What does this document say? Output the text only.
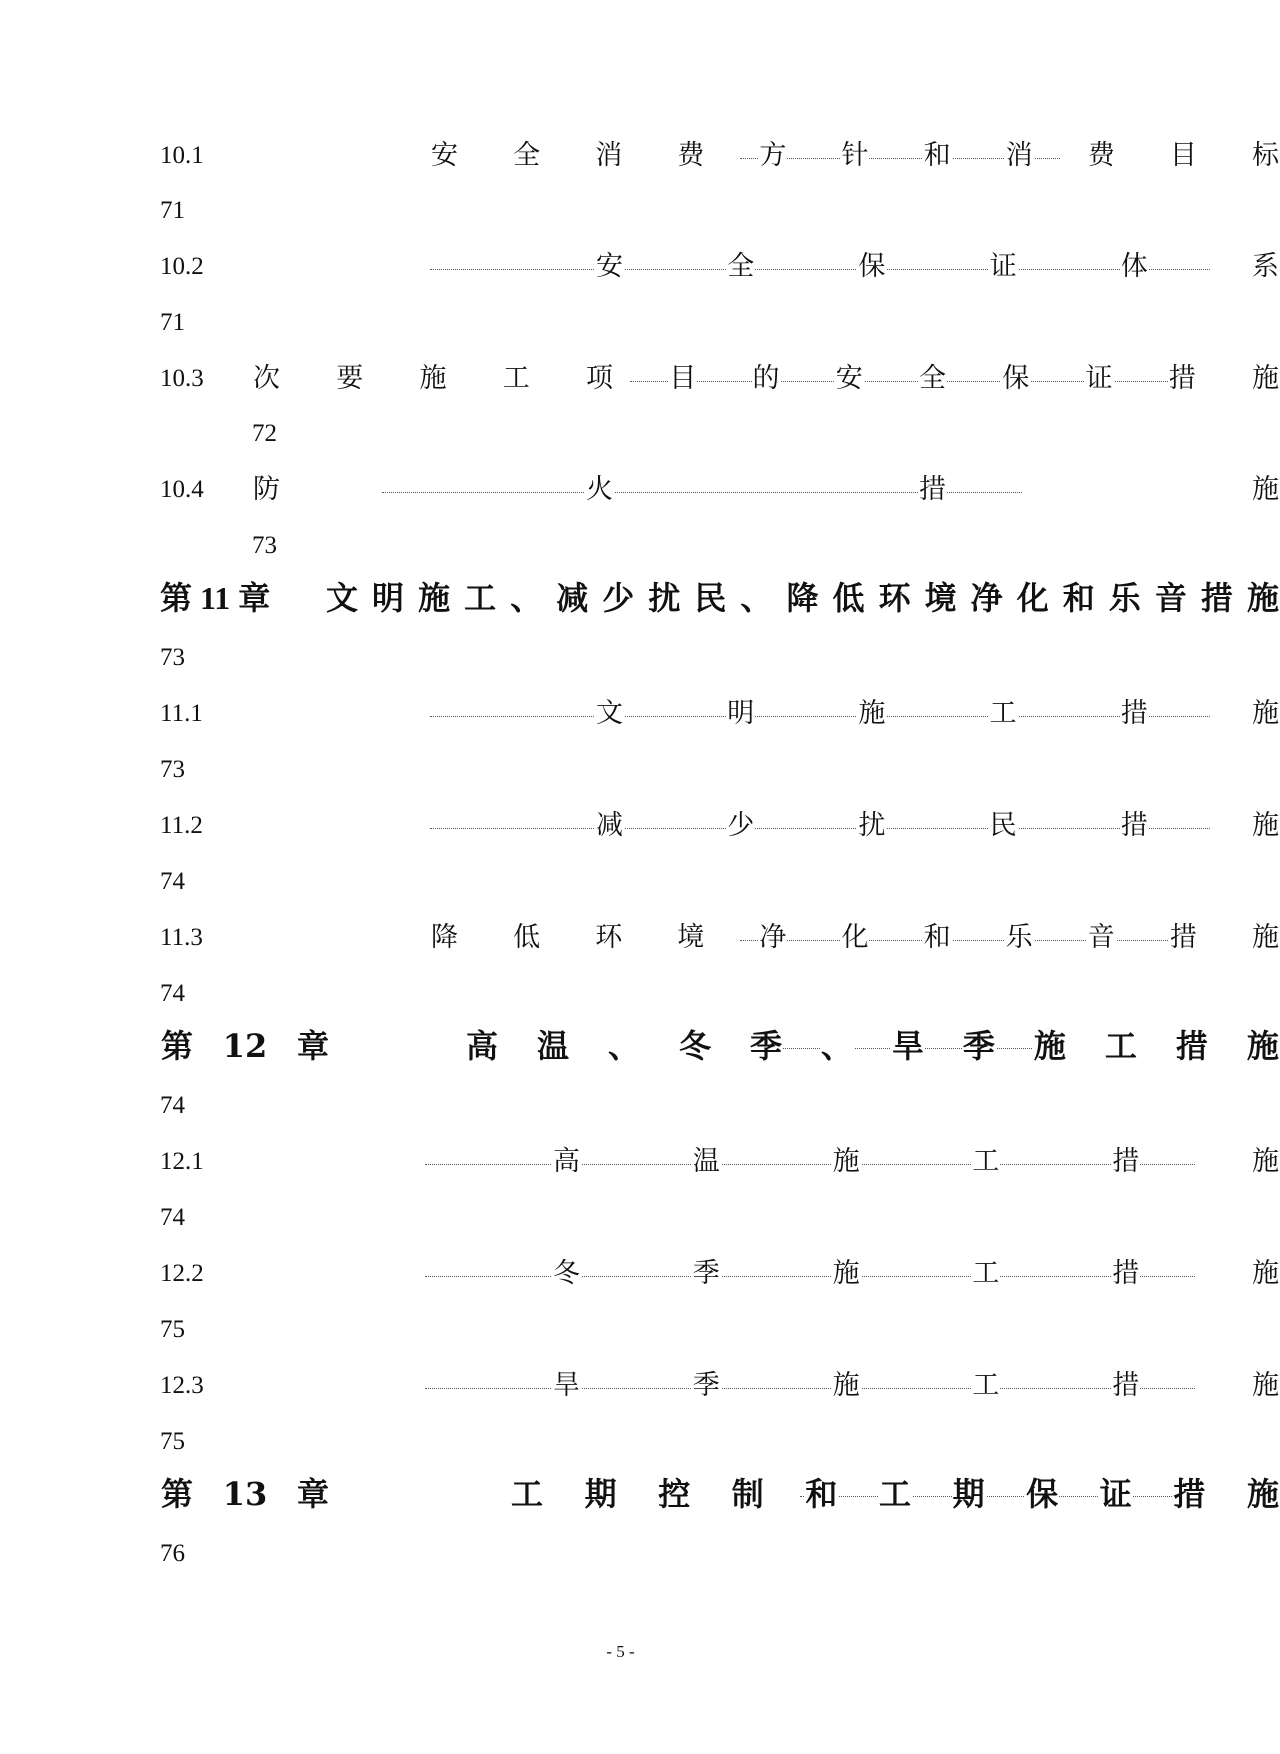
10.1	安 全 消 费 方 针 和 消 费 目 标
71
10.2	安	全	保	证	体	系
71
10.3 次 要 施 工 项 目 的 安 全 保 证 措 施
72
10.4 防	火	措	施
73
第 11 章 文 明 施 工 、 减 少 扰 民 、 降 低 环 境 净 化 和 乐 音 措 施
73
11.1	文	明	施	工	措	施
73
11.2	减	少	扰	民	措	施
74
11.3	降 低 环 境 净 化 和 乐 音 措 施
74
第 12 章	高 温 、 冬 季 、 旱 季 施 工 措 施
74
12.1	高	温	施	工	措	施
74
12.2	冬	季	施	工	措	施
75
12.3	旱	季	施	工	措	施
75
第 13 章	工 期 控 制 和 工 期 保 证 措 施
76
- 5 -
